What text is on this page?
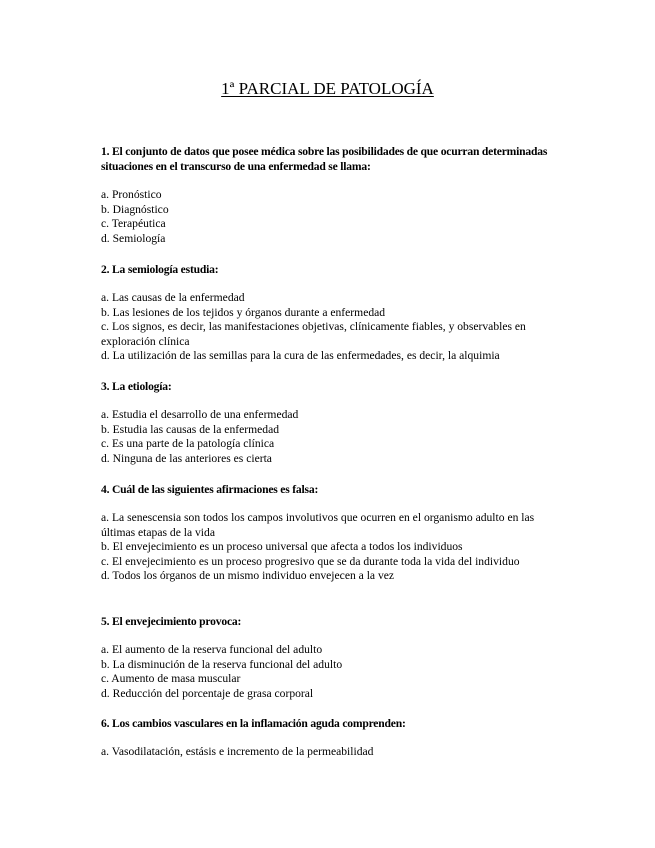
1ª PARCIAL DE PATOLOGÍA

1. El conjunto de datos que posee médica sobre las posibilidades de que ocurran determinadas situaciones en el transcurso de una enfermedad se llama:

a. Pronóstico

b. Diagnóstico

c. Terapéutica

d. Semiología

2. La semiología estudia:

a. Las causas de la enfermedad

b. Las lesiones de los tejidos y órganos durante a enfermedad

c. Los signos, es decir, las manifestaciones objetivas, clínicamente fiables, y observables en exploración clínica

d. La utilización de las semillas para la cura de las enfermedades, es decir, la alquimia

3. La etiología:

a. Estudia el desarrollo de una enfermedad

b. Estudia las causas de la enfermedad

c. Es una parte de la patología clínica

d. Ninguna de las anteriores es cierta

4. Cuál de las siguientes afirmaciones es falsa:

a. La senescensia son todos los campos involutivos que ocurren en el organismo adulto en las últimas etapas de la vida

b. El envejecimiento es un proceso universal que afecta a todos los individuos

c. El envejecimiento es un proceso progresivo que se da durante toda la vida del individuo

d. Todos los órganos de un mismo individuo envejecen a la vez

5. El envejecimiento provoca:

a. El aumento de la reserva funcional del adulto

b. La disminución de la reserva funcional del adulto

c. Aumento de masa muscular

d. Reducción del porcentaje de grasa corporal

6. Los cambios vasculares en la inflamación aguda comprenden:

a. Vasodilatación, estásis e incremento de la permeabilidad
